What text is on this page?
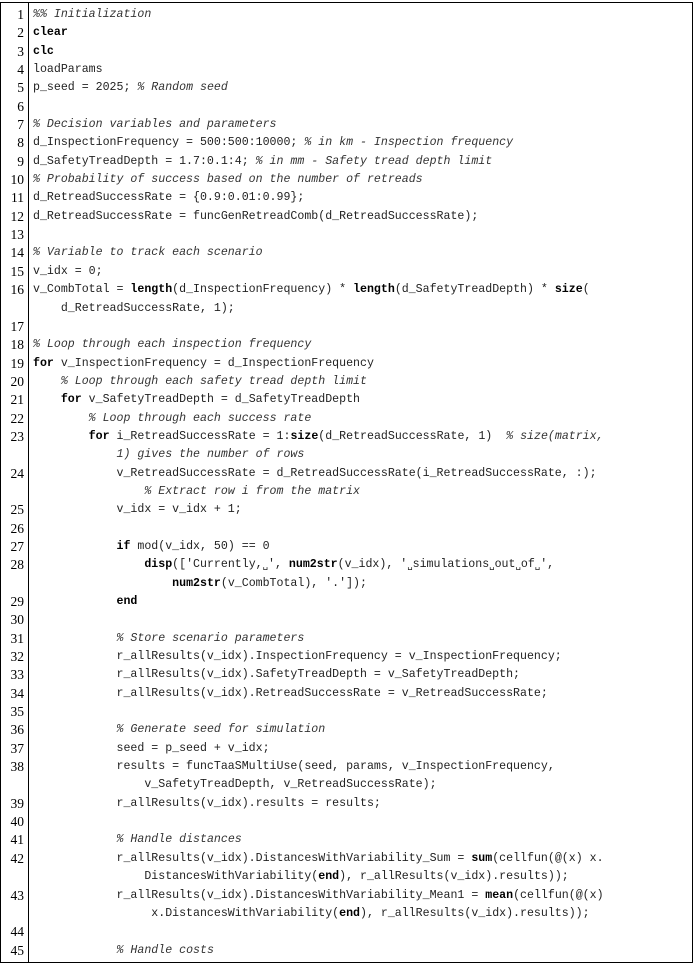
1 %% Initialization
2 clear
3 clc
4 loadParams
5 p_seed = 2025; % Random seed
6
7 % Decision variables and parameters
8 d_InspectionFrequency = 500:500:10000; % in km - Inspection frequency
9 d_SafetyTreadDepth = 1.7:0.1:4; % in mm - Safety tread depth limit
10 % Probability of success based on the number of retreads
11 d_RetreadSuccessRate = {0.9:0.01:0.99};
12 d_RetreadSuccessRate = funcGenRetreadComb(d_RetreadSuccessRate);
13
14 % Variable to track each scenario
15 v_idx = 0;
16 v_CombTotal = length(d_InspectionFrequency) * length(d_SafetyTreadDepth) * size(
d_RetreadSuccessRate, 1);
17
18 % Loop through each inspection frequency
19 for v_InspectionFrequency = d_InspectionFrequency
20	% Loop through each safety tread depth limit
21	for v_SafetyTreadDepth = d_SafetyTreadDepth
22	% Loop through each success rate
23	for i_RetreadSuccessRate = 1:size(d_RetreadSuccessRate, 1)  % size(matrix,
1) gives the number of rows
24 v_RetreadSuccessRate = d_RetreadSuccessRate(i_RetreadSuccessRate, :);
% Extract row i from the matrix
25 v_idx = v_idx + 1;
26
27	if mod(v_idx, 50) == 0
28	disp(['Currently,␣', num2str(v_idx), '␣simulations␣out␣of␣',
num2str(v_CombTotal), '.']);
29	end
30
31	% Store scenario parameters
32 r_allResults(v_idx).InspectionFrequency = v_InspectionFrequency;
33 r_allResults(v_idx).SafetyTreadDepth = v_SafetyTreadDepth;
34 r_allResults(v_idx).RetreadSuccessRate = v_RetreadSuccessRate;
35
36	% Generate seed for simulation
37 seed = p_seed + v_idx;
38 results = funcTaaSMultiUse(seed, params, v_InspectionFrequency,
v_SafetyTreadDepth, v_RetreadSuccessRate);
39 r_allResults(v_idx).results = results;
40
41	% Handle distances
42 r_allResults(v_idx).DistancesWithVariability_Sum = sum(cellfun(@(x) x.
DistancesWithVariability(end), r_allResults(v_idx).results));
43 r_allResults(v_idx).DistancesWithVariability_Mean1 = mean(cellfun(@(x)
x.DistancesWithVariability(end), r_allResults(v_idx).results));
44
45	% Handle costs
